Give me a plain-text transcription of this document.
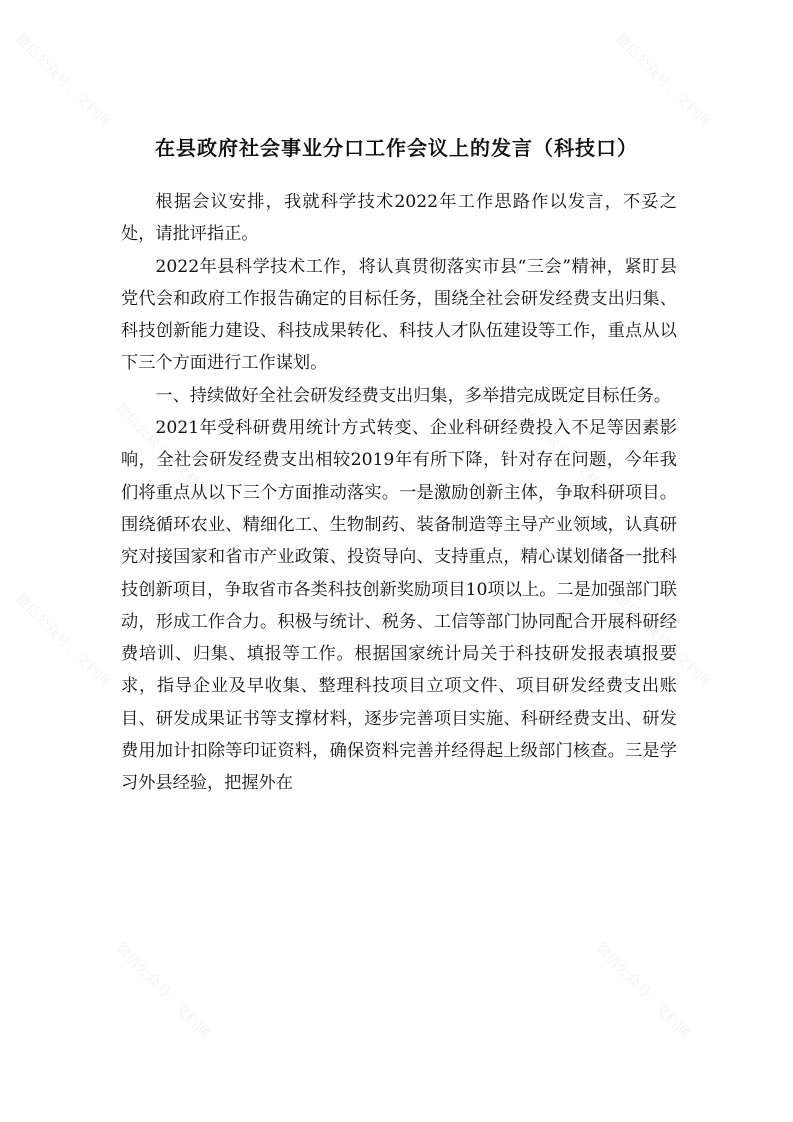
微信公众号：文档网	微信公众号：文档网
微信公众号：文档网	微信公众号：文档网
微信公众号：文档网	微信公众号：文档网
微信公众号：文档网	微信公众号：文档网
在县政府社会事业分口工作会议上的发言（科技口）

根据会议安排，我就科学技术2022年工作思路作以发言，不妥之处，请批评指正。

2022年县科学技术工作，将认真贯彻落实市县“三会”精神，紧盯县党代会和政府工作报告确定的目标任务，围绕全社会研发经费支出归集、科技创新能力建设、科技成果转化、科技人才队伍建设等工作，重点从以下三个方面进行工作谋划。

一、持续做好全社会研发经费支出归集，多举措完成既定目标任务。

2021年受科研费用统计方式转变、企业科研经费投入不足等因素影响，全社会研发经费支出相较2019年有所下降，针对存在问题，今年我们将重点从以下三个方面推动落实。一是激励创新主体，争取科研项目。围绕循环农业、精细化工、生物制药、装备制造等主导产业领域，认真研究对接国家和省市产业政策、投资导向、支持重点，精心谋划储备一批科技创新项目，争取省市各类科技创新奖励项目10项以上。二是加强部门联动，形成工作合力。积极与统计、税务、工信等部门协同配合开展科研经费培训、归集、填报等工作。根据国家统计局关于科技研发报表填报要求，指导企业及早收集、整理科技项目立项文件、项目研发经费支出账目、研发成果证书等支撑材料，逐步完善项目实施、科研经费支出、研发费用加计扣除等印证资料，确保资料完善并经得起上级部门核查。三是学习外县经验，把握外在
